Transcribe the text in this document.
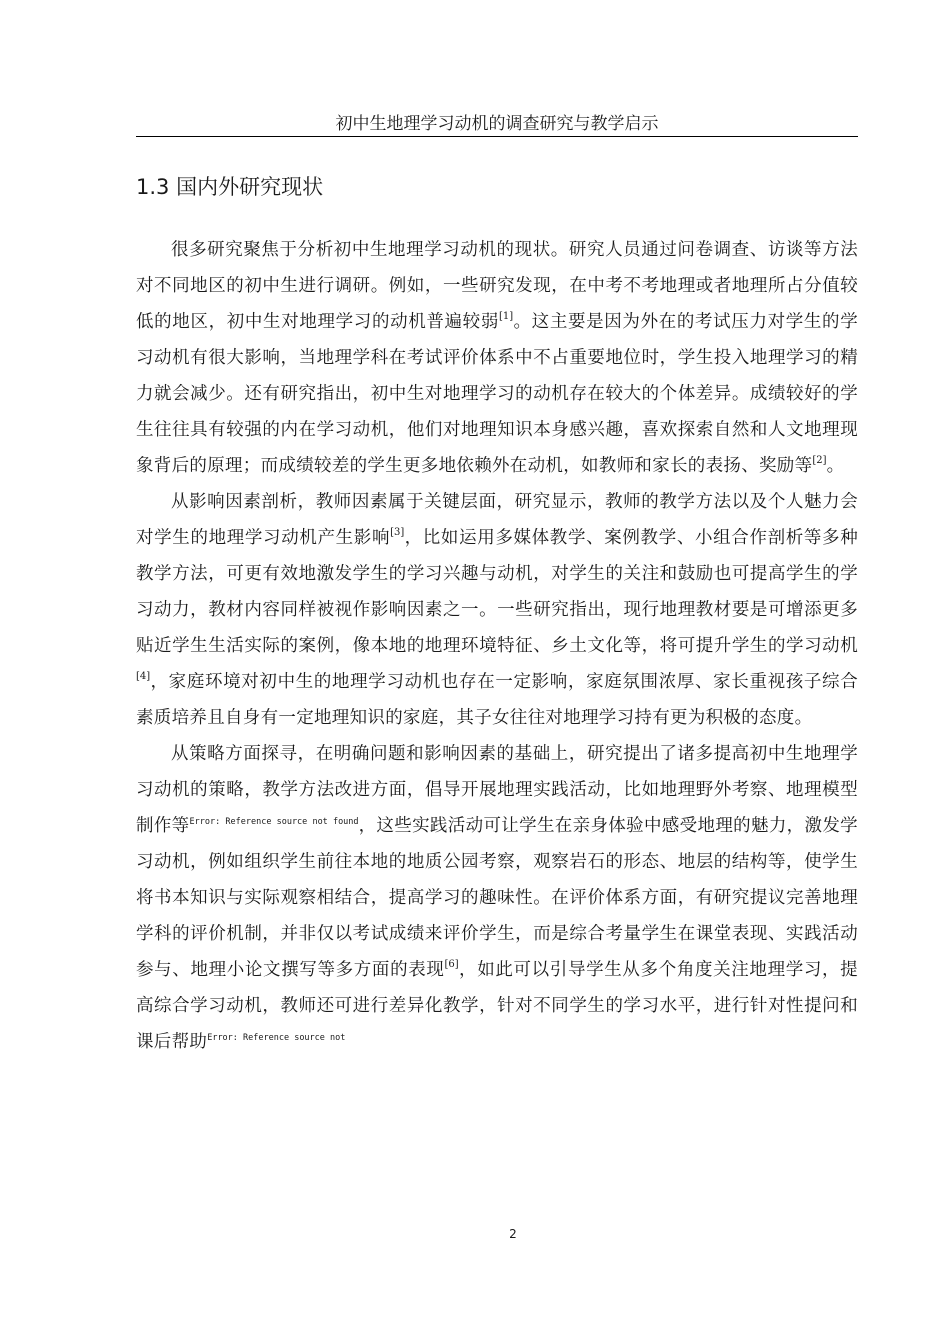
初中生地理学习动机的调查研究与教学启示
1.3 国内外研究现状

很多研究聚焦于分析初中生地理学习动机的现状。研究人员通过问卷调查、访谈等方法对不同地区的初中生进行调研。例如，一些研究发现，在中考不考地理或者地理所占分值较低的地区，初中生对地理学习的动机普遍较弱[1]。这主要是因为外在的考试压力对学生的学习动机有很大影响，当地理学科在考试评价体系中不占重要地位时，学生投入地理学习的精力就会减少。还有研究指出，初中生对地理学习的动机存在较大的个体差异。成绩较好的学生往往具有较强的内在学习动机，他们对地理知识本身感兴趣，喜欢探索自然和人文地理现象背后的原理；而成绩较差的学生更多地依赖外在动机，如教师和家长的表扬、奖励等[2]。

从影响因素剖析，教师因素属于关键层面，研究显示，教师的教学方法以及个人魅力会对学生的地理学习动机产生影响[3]，比如运用多媒体教学、案例教学、小组合作剖析等多种教学方法，可更有效地激发学生的学习兴趣与动机，对学生的关注和鼓励也可提高学生的学习动力，教材内容同样被视作影响因素之一。一些研究指出，现行地理教材要是可增添更多贴近学生生活实际的案例，像本地的地理环境特征、乡土文化等，将可提升学生的学习动机[4]，家庭环境对初中生的地理学习动机也存在一定影响，家庭氛围浓厚、家长重视孩子综合素质培养且自身有一定地理知识的家庭，其子女往往对地理学习持有更为积极的态度。

从策略方面探寻，在明确问题和影响因素的基础上，研究提出了诸多提高初中生地理学习动机的策略，教学方法改进方面，倡导开展地理实践活动，比如地理野外考察、地理模型制作等$^{Error: Reference source not found}$，这些实践活动可让学生在亲身体验中感受地理的魅力，激发学习动机，例如组织学生前往本地的地质公园考察，观察岩石的形态、地层的结构等，使学生将书本知识与实际观察相结合，提高学习的趣味性。在评价体系方面，有研究提议完善地理学科的评价机制，并非仅以考试成绩来评价学生，而是综合考量学生在课堂表现、实践活动参与、地理小论文撰写等多方面的表现[6]，如此可以引导学生从多个角度关注地理学习，提高综合学习动机，教师还可进行差异化教学，针对不同学生的学习水平，进行针对性提问和课后帮助$^{Error: Reference source not}$

2
